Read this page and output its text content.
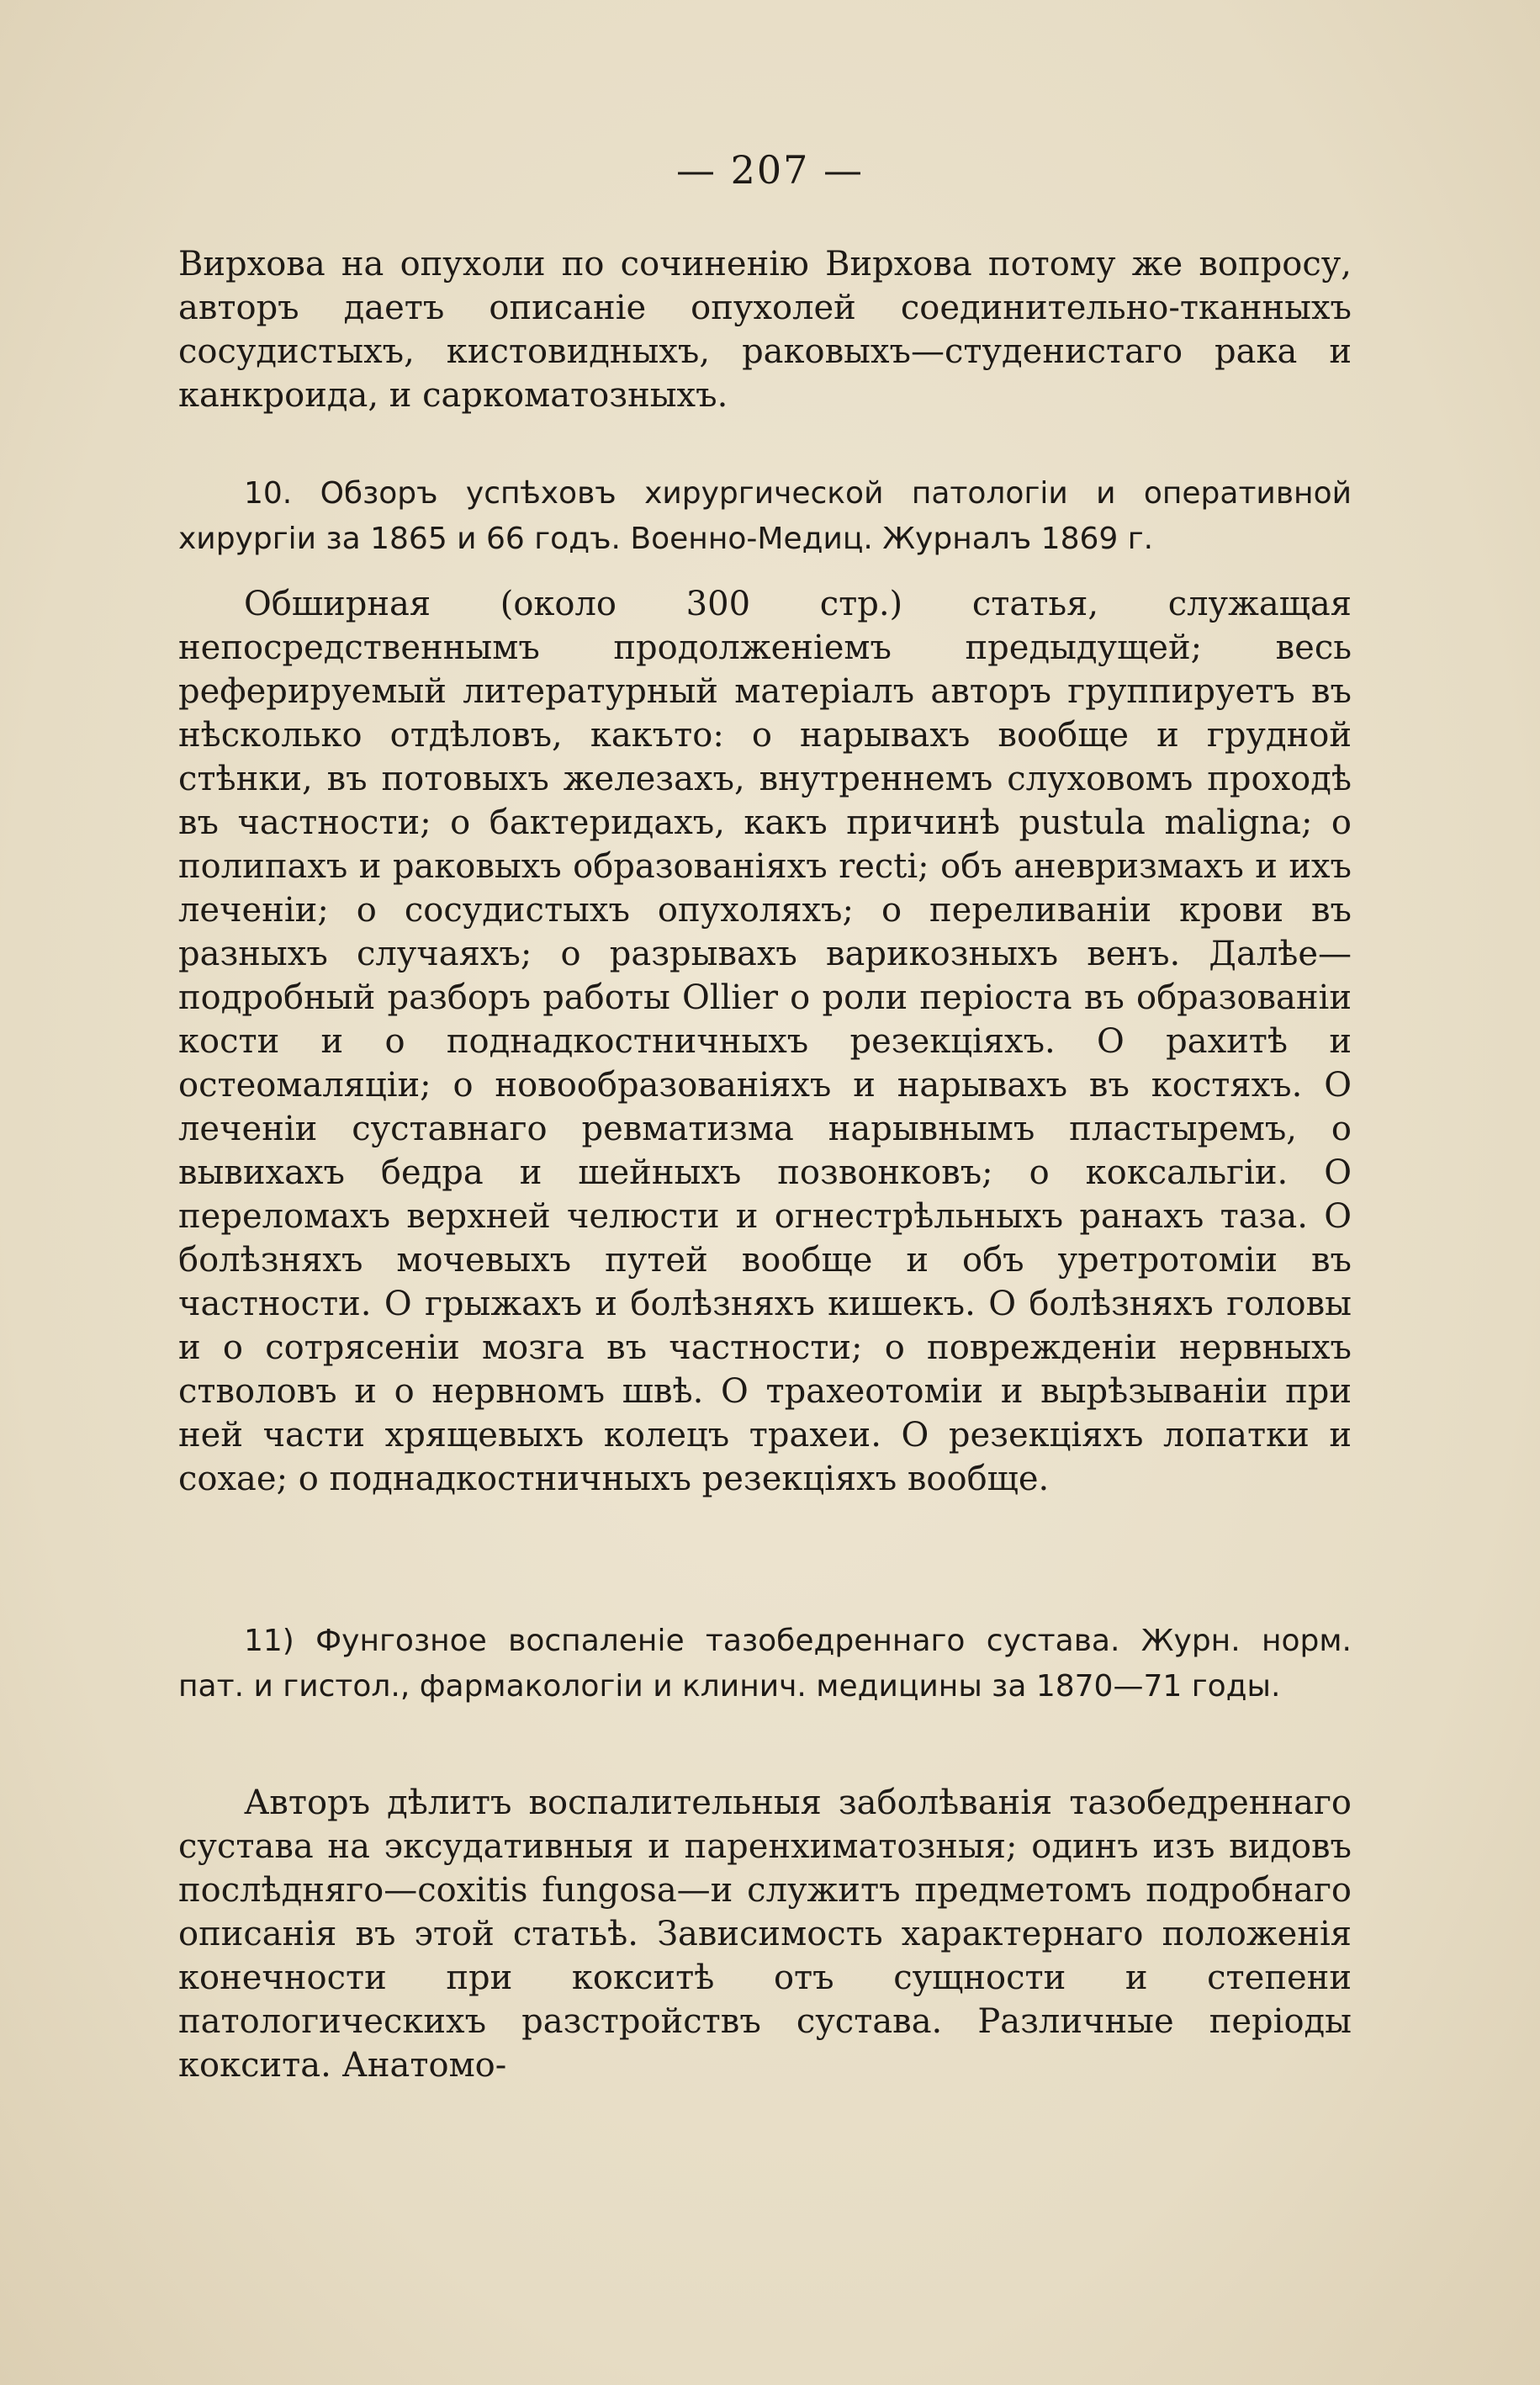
— 207 —

Вирхова на опухоли по сочиненію Вирхова потому же вопросу, авторъ даетъ описаніе опухолей соединительно-тканныхъ сосудистыхъ, кистовидныхъ, раковыхъ—студенистаго рака и канкроида, и саркоматозныхъ.

10. Обзоръ успѣховъ хирургической патологіи и оперативной хирургіи за 1865 и 66 годъ. Военно-Медиц. Журналъ 1869 г.

Обширная (около 300 стр.) статья, служащая непосредственнымъ продолженіемъ предыдущей; весь реферируемый литературный матеріалъ авторъ группируетъ въ нѣсколько отдѣловъ, какъто: о нарывахъ вообще и грудной стѣнки, въ потовыхъ железахъ, внутреннемъ слуховомъ проходѣ въ частности; о бактеридахъ, какъ причинѣ pustula maligna; о полипахъ и раковыхъ образованіяхъ recti; объ аневризмахъ и ихъ леченіи; о сосудистыхъ опухоляхъ; о переливаніи крови въ разныхъ случаяхъ; о разрывахъ варикозныхъ венъ. Далѣе—подробный разборъ работы Ollier о роли періоста въ образованіи кости и о поднадкостничныхъ резекціяхъ. О рахитѣ и остеомаляціи; о новообразованіяхъ и нарывахъ въ костяхъ. О леченіи суставнаго ревматизма нарывнымъ пластыремъ, о вывихахъ бедра и шейныхъ позвонковъ; о коксальгіи. О переломахъ верхней челюсти и огнестрѣльныхъ ранахъ таза. О болѣзняхъ мочевыхъ путей вообще и объ уретротоміи въ частности. О грыжахъ и болѣзняхъ кишекъ. О болѣзняхъ головы и о сотрясеніи мозга въ частности; о поврежденіи нервныхъ стволовъ и о нервномъ швѣ. О трахеотоміи и вырѣзываніи при ней части хрящевыхъ колецъ трахеи. О резекціяхъ лопатки и сохае; о поднадкостничныхъ резекціяхъ вообще.

11) Фунгозное воспаленіе тазобедреннаго сустава. Журн. норм. пат. и гистол., фармакологіи и клинич. медицины за 1870—71 годы.

Авторъ дѣлитъ воспалительныя заболѣванія тазобедреннаго сустава на эксудативныя и паренхиматозныя; одинъ изъ видовъ послѣдняго—coxitis fungosa—и служитъ предметомъ подробнаго описанія въ этой статьѣ. Зависимость характернаго положенія конечности при кокситѣ отъ сущности и степени патологическихъ разстройствъ сустава. Различные періоды коксита. Анатомо-
